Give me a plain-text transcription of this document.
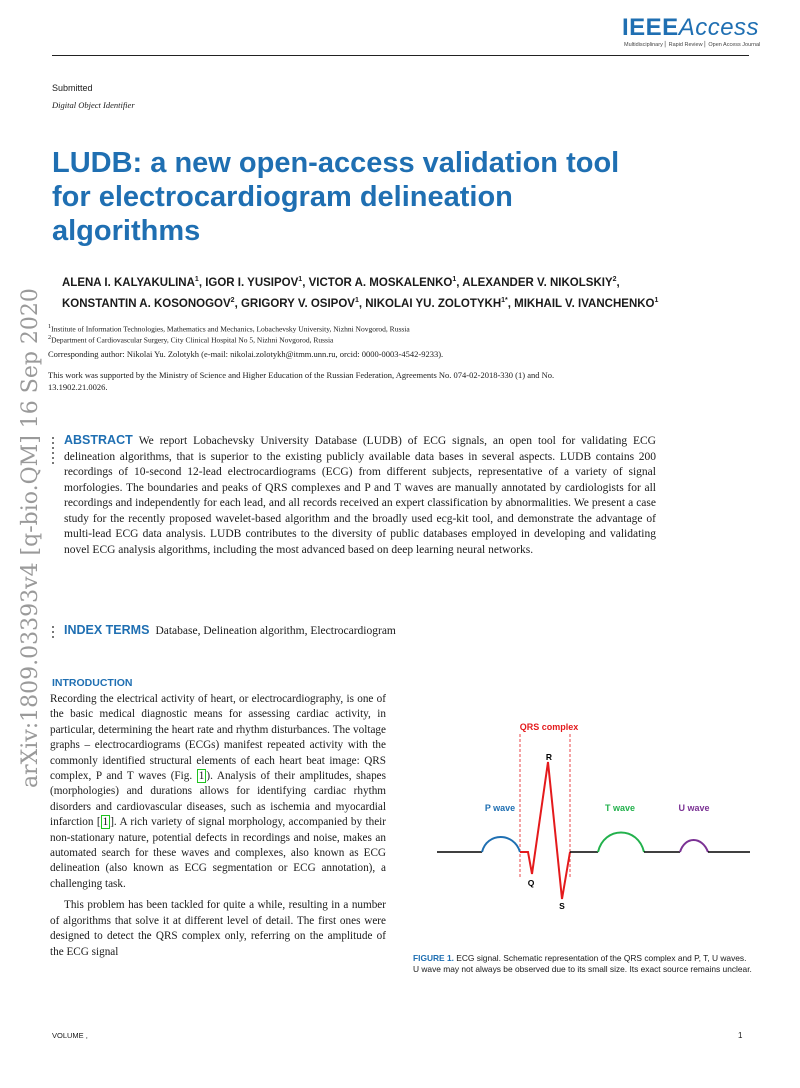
IEEEAccess
Multidisciplinary ⎜ Rapid Review ⎜ Open Access Journal
Submitted
Digital Object Identifier
LUDB: a new open-access validation tool for electrocardiogram delineation algorithms
arXiv:1809.03393v4 [q-bio.QM] 16 Sep 2020
ALENA I. KALYAKULINA$^1$, IGOR I. YUSIPOV$^1$, VICTOR A. MOSKALENKO$^1$, ALEXANDER V. NIKOLSKIY$^2$, KONSTANTIN A. KOSONOGOV$^2$, GRIGORY V. OSIPOV$^1$, NIKOLAI YU. $ZOLOTYKH^{1*}$, MIKHAIL V. IVANCHENKO$^1$
$^1$Institute of Information Technologies, Mathematics and Mechanics, Lobachevsky University, Nizhni Novgorod, Russia
$^2$Department of Cardiovascular Surgery, City Clinical Hospital No 5, Nizhni Novgorod, Russia
Corresponding author: Nikolai Yu. Zolotykh (e-mail: nikolai.zolotykh@itmm.unn.ru, orcid: 0000-0003-4542-9233).
This work was supported by the Ministry of Science and Higher Education of the Russian Federation, Agreements No. 074-02-2018-330 (1) and No. 13.1902.21.0026.
ABSTRACT We report Lobachevsky University Database (LUDB) of ECG signals, an open tool for validating ECG delineation algorithms, that is superior to the existing publicly available data bases in several aspects. LUDB contains 200 recordings of 10-second 12-lead electrocardiograms (ECG) from different subjects, representative of a variety of signal morfologies. The boundaries and peaks of QRS complexes and P and T waves are manually annotated by cardiologists for all recordings and independently for each lead, and all records received an expert classification by abnormalities. We present a case study for the recently proposed wavelet-based algorithm and the broadly used ecg-kit tool, and demonstrate the advantage of multi-lead ECG data analysis. LUDB contributes to the diversity of public databases employed in developing and validating novel ECG analysis algorithms, including the most advanced based on deep learning neural networks.
INDEX TERMS Database, Delineation algorithm, Electrocardiogram
INTRODUCTION

Recording the electrical activity of heart, or electrocardiography, is one of the basic medical diagnostic means for assessing cardiac activity, in particular, determining the heart rate and rhythm disturbances. The voltage graphs – electrocardiograms (ECGs) manifest repeated activity with the commonly identified structural elements of each heart beat image: QRS complex, P and T waves (Fig. 1 ). Analysis of their amplitudes, shapes (morphologies) and durations allows for identifying cardiac rhythm disorders and cardiovascular diseases, such as ischemia and myocardial infarction [ 1 ]. A rich variety of signal morphology, accompanied by their non-stationary nature, potential defects in recordings and noise, makes an automated search for these waves and complexes, also known as ECG delineation (also known as ECG segmentation or ECG annotation), a challenging task.

This problem has been tackled for quite a while, resulting in a number of algorithms that solve it at different level of detail. The first ones were designed to detect the QRS complex only, referring on the amplitude of the ECG signal

QRS complex
P wave	T wave	U wave
R
Q
S
FIGURE 1. ECG signal. Schematic representation of the QRS complex and P, T, U waves. U wave may not always be observed due to its small size. Its exact source remains unclear.
VOLUME ,	1
